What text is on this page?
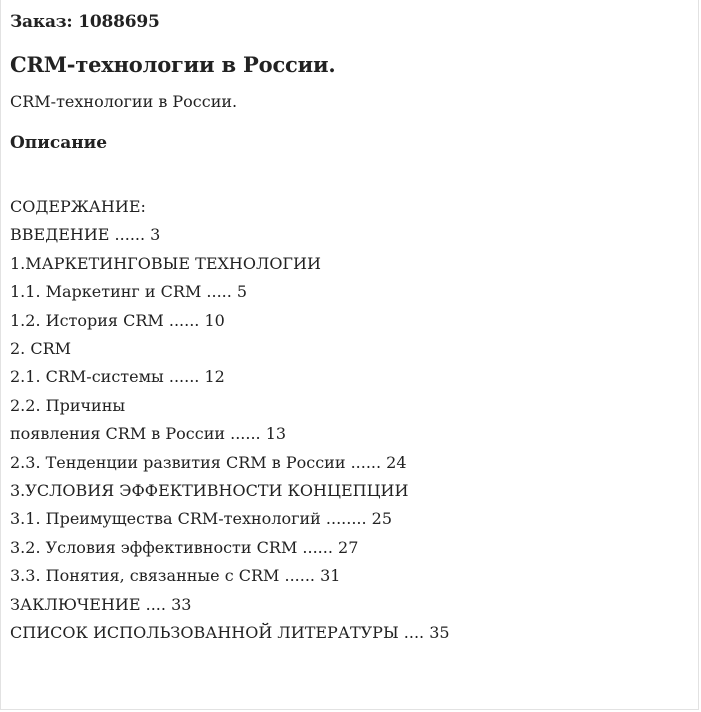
Заказ: 1088695
CRM-технологии в России.
CRM-технологии в России.
Описание
СОДЕРЖАНИЕ:
ВВЕДЕНИЕ ...... 3
1.МАРКЕТИНГОВЫЕ ТЕХНОЛОГИИ
1.1. Маркетинг и CRM ..... 5
1.2. История CRM ...... 10
2. CRM
2.1. CRM-системы ...... 12
2.2. Причины
появления CRM в России ...... 13
2.3. Тенденции развития CRM в России ...... 24
3.УСЛОВИЯ ЭФФЕКТИВНОСТИ КОНЦЕПЦИИ
3.1. Преимущества CRM-технологий ........ 25
3.2. Условия эффективности CRM ...... 27
3.3. Понятия, связанные с CRM ...... 31
ЗАКЛЮЧЕНИЕ .... 33
СПИСОК ИСПОЛЬЗОВАННОЙ ЛИТЕРАТУРЫ .... 35
